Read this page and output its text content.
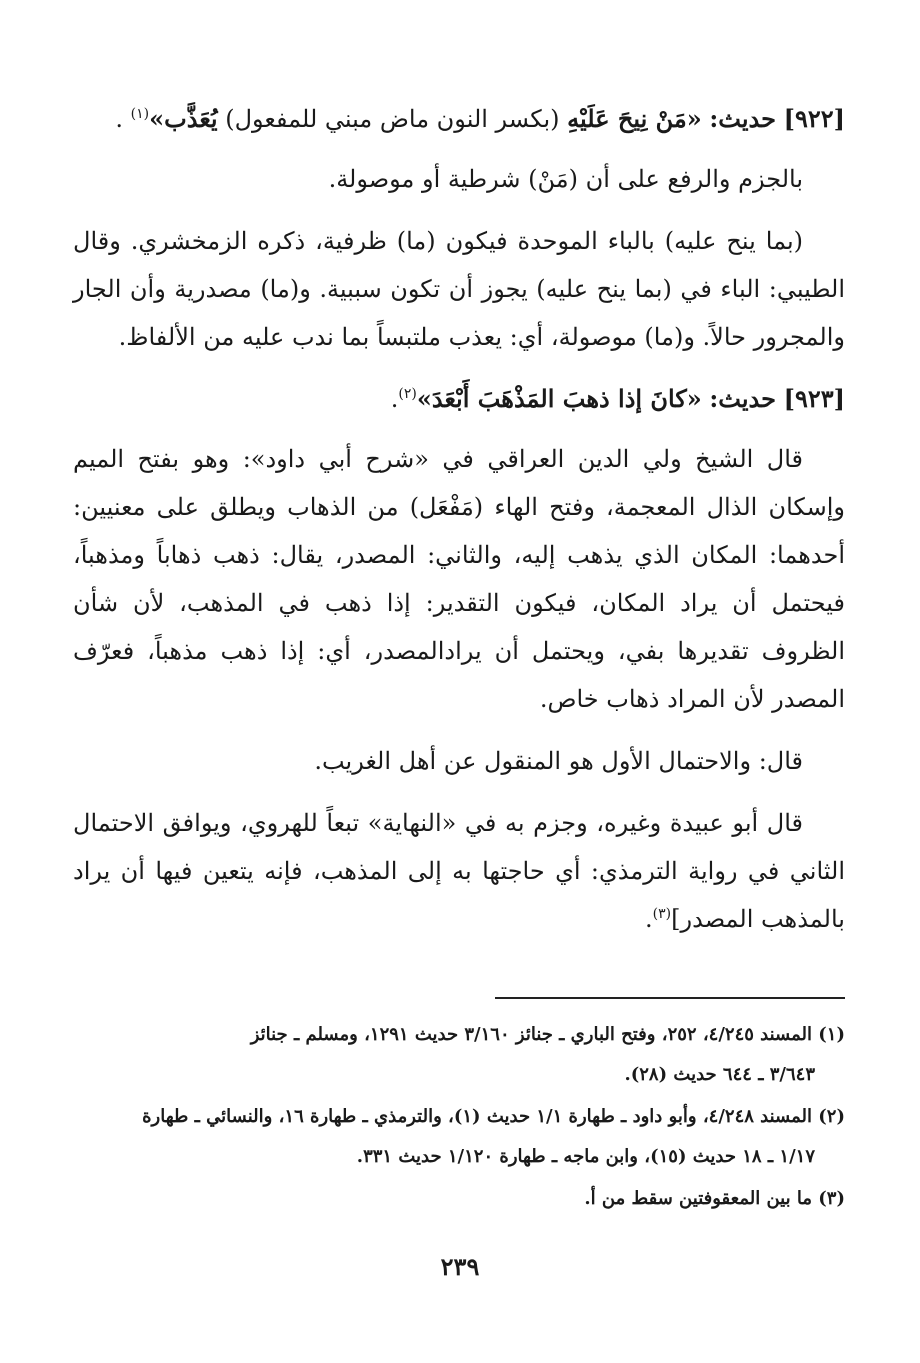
[٩٢٢] حديث: «مَنْ نِيحَ عَلَيْهِ (بكسر النون ماض مبني للمفعول) يُعَذَّب»$^{(١)}$ .

بالجزم والرفع على أن (مَنْ) شرطية أو موصولة.

(بما ينح عليه) بالباء الموحدة فيكون (ما) ظرفية، ذكره الزمخشري. وقال الطيبي: الباء في (بما ينح عليه) يجوز أن تكون سببية. و(ما) مصدرية وأن الجار والمجرور حالاً. و(ما) موصولة، أي: يعذب ملتبساً بما ندب عليه من الألفاظ.

[٩٢٣] حديث: «كانَ إذا ذهبَ المَذْهَبَ أَبْعَدَ»$^{(٢)}$.

قال الشيخ ولي الدين العراقي في «شرح أبي داود»: وهو بفتح الميم وإسكان الذال المعجمة، وفتح الهاء (مَفْعَل) من الذهاب ويطلق على معنيين: أحدهما: المكان الذي يذهب إليه، والثاني: المصدر، يقال: ذهب ذهاباً ومذهباً، فيحتمل أن يراد المكان، فيكون التقدير: إذا ذهب في المذهب، لأن شأن الظروف تقديرها بفي، ويحتمل أن يرادالمصدر، أي: إذا ذهب مذهباً، فعرّف المصدر لأن المراد ذهاب خاص.

قال: والاحتمال الأول هو المنقول عن أهل الغريب.

قال أبو عبيدة وغيره، وجزم به في «النهاية» تبعاً للهروي، ويوافق الاحتمال الثاني في رواية الترمذي: أي حاجتها به إلى المذهب، فإنه يتعين فيها أن يراد بالمذهب المصدر]$^{(٣)}$.

(١) المسند ٤/٢٤٥، ٢٥٢، وفتح الباري ـ جنائز ٣/١٦٠ حديث ١٢٩١، ومسلم ـ جنائز
٣/٦٤٣ ـ ٦٤٤ حديث (٢٨).

(٢) المسند ٤/٢٤٨، وأبو داود ـ طهارة ١/١ حديث (١)، والترمذي ـ طهارة ١٦، والنسائي ـ طهارة
١/١٧ ـ ١٨ حديث (١٥)، وابن ماجه ـ طهارة ١/١٢٠ حديث ٣٣١.

(٣) ما بين المعقوفتين سقط من أ.

٢٣٩
